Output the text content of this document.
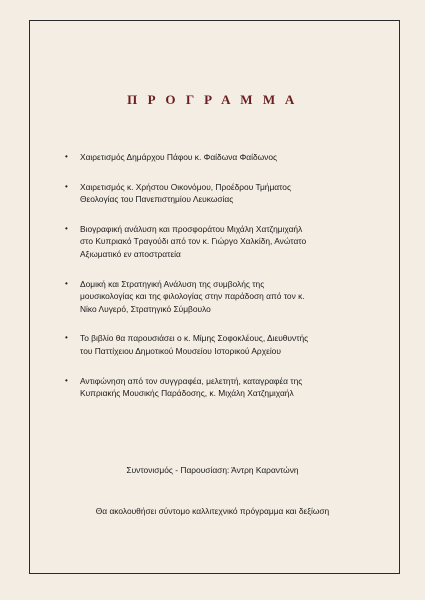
Π Ρ Ο Γ Ρ Α Μ Μ Α
• Χαιρετισμός Δημάρχου Πάφου κ. Φαίδωνα Φαίδωνος
• Χαιρετισμός κ. Χρήστου Οικονόμου, Προέδρου Τμήματος
Θεολογίας του Πανεπιστημίου Λευκωσίας
• Βιογραφική ανάλυση και προσφοράτου Μιχάλη Χατζημιχαήλ
στο Κυπριακό Τραγούδι από τον κ. Γιώργο Χαλκίδη, Ανώτατο
Αξιωματικό εν αποστρατεία
• Δομική και Στρατηγική Ανάλυση της συμβολής της
μουσικολογίας και της φιλολογίας στην παράδοση από τον κ.
Νίκο Λυγερό, Στρατηγικό Σύμβουλο
• Το βιβλίο θα παρουσιάσει ο κ. Μίμης Σοφοκλέους, Διευθυντής
του Παττίχειου Δημοτικού Μουσείου Ιστορικού Αρχείου
• Αντιφώνηση από τον συγγραφέα, μελετητή, καταγραφέα της
Κυπριακής Μουσικής Παράδοσης, κ. Μιχάλη Χατζημιχαήλ
Συντονισμός - Παρουσίαση: Άντρη Καραντώνη
Θα ακολουθήσει σύντομο καλλιτεχνικό πρόγραμμα και δεξίωση
